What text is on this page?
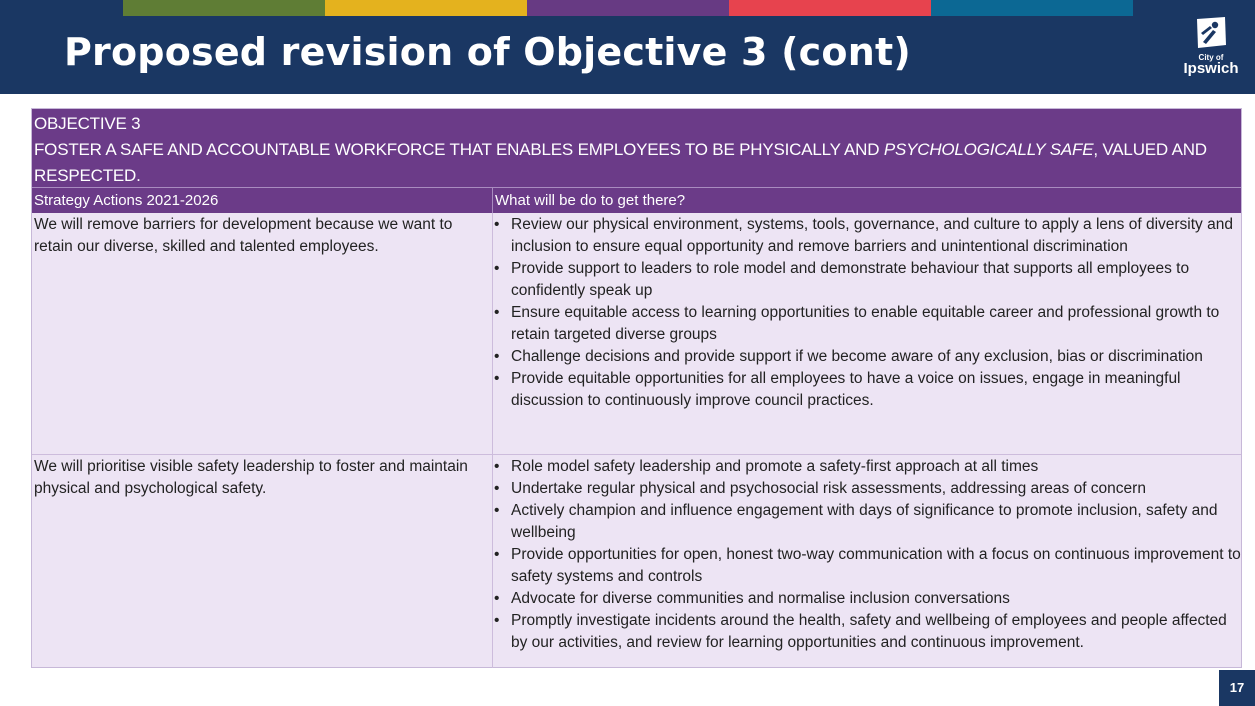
Proposed revision of Objective 3 (cont)	City of
Ipswich
OBJECTIVE 3
FOSTER A SAFE AND ACCOUNTABLE WORKFORCE THAT ENABLES EMPLOYEES TO BE PHYSICALLY AND PSYCHOLOGICALLY SAFE, VALUED AND RESPECTED.
Strategy Actions 2021-2026	What will be do to get there?
We will remove barriers for development because we want to retain our diverse, skilled and talented employees.
• Review our physical environment, systems, tools, governance, and culture to apply a lens of diversity and inclusion to ensure equal opportunity and remove barriers and unintentional discrimination
• Provide support to leaders to role model and demonstrate behaviour that supports all employees to confidently speak up
• Ensure equitable access to learning opportunities to enable equitable career and professional growth to retain targeted diverse groups
• Challenge decisions and provide support if we become aware of any exclusion, bias or discrimination
• Provide equitable opportunities for all employees to have a voice on issues, engage in meaningful discussion to continuously improve council practices.
We will prioritise visible safety leadership to foster and maintain physical and psychological safety.
• Role model safety leadership and promote a safety-first approach at all times
• Undertake regular physical and psychosocial risk assessments, addressing areas of concern
• Actively champion and influence engagement with days of significance to promote inclusion, safety and wellbeing
• Provide opportunities for open, honest two-way communication with a focus on continuous improvement to safety systems and controls
• Advocate for diverse communities and normalise inclusion conversations
• Promptly investigate incidents around the health, safety and wellbeing of employees and people affected by our activities, and review for learning opportunities and continuous improvement.
17
